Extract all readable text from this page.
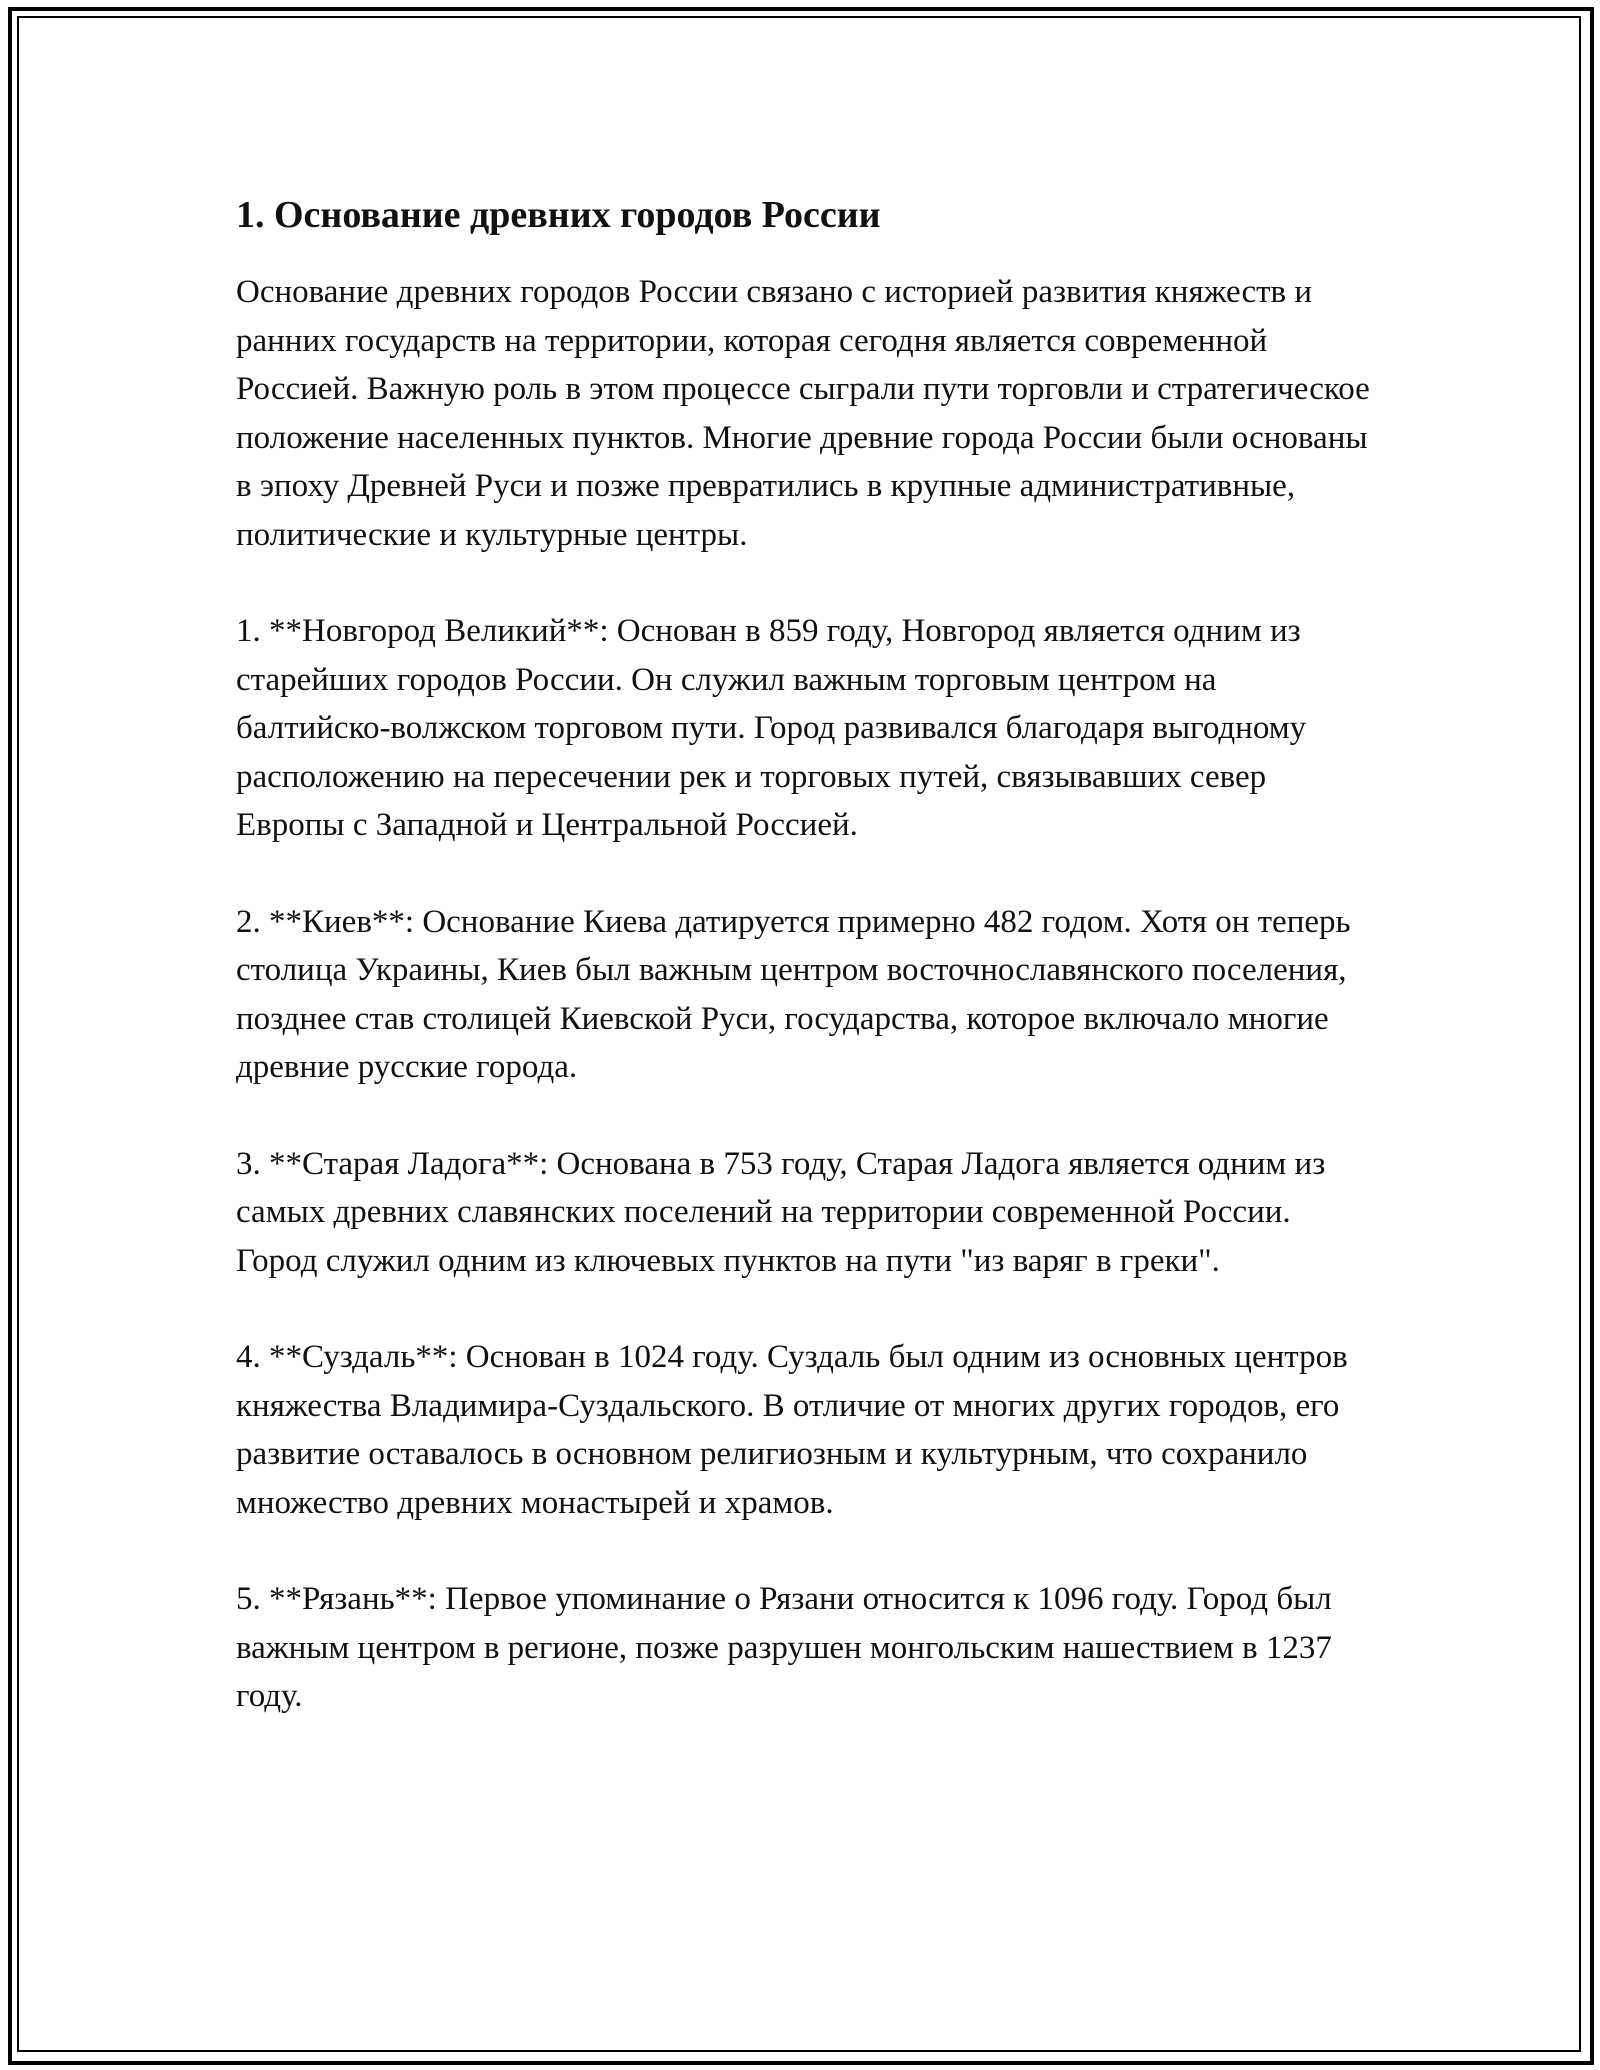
1. Основание древних городов России

Основание древних городов России связано с историей развития княжеств и ранних государств на территории, которая сегодня является современной Россией. Важную роль в этом процессе сыграли пути торговли и стратегическое положение населенных пунктов. Многие древние города России были основаны в эпоху Древней Руси и позже превратились в крупные административные, политические и культурные центры.

1. **Новгород Великий**: Основан в 859 году, Новгород является одним из старейших городов России. Он служил важным торговым центром на балтийско-волжском торговом пути. Город развивался благодаря выгодному расположению на пересечении рек и торговых путей, связывавших север Европы с Западной и Центральной Россией.

2. **Киев**: Основание Киева датируется примерно 482 годом. Хотя он теперь столица Украины, Киев был важным центром восточнославянского поселения, позднее став столицей Киевской Руси, государства, которое включало многие древние русские города.

3. **Старая Ладога**: Основана в 753 году, Старая Ладога является одним из самых древних славянских поселений на территории современной России. Город служил одним из ключевых пунктов на пути "из варяг в греки".

4. **Суздаль**: Основан в 1024 году. Суздаль был одним из основных центров княжества Владимира-Суздальского. В отличие от многих других городов, его развитие оставалось в основном религиозным и культурным, что сохранило множество древних монастырей и храмов.

5. **Рязань**: Первое упоминание о Рязани относится к 1096 году. Город был важным центром в регионе, позже разрушен монгольским нашествием в 1237 году.
